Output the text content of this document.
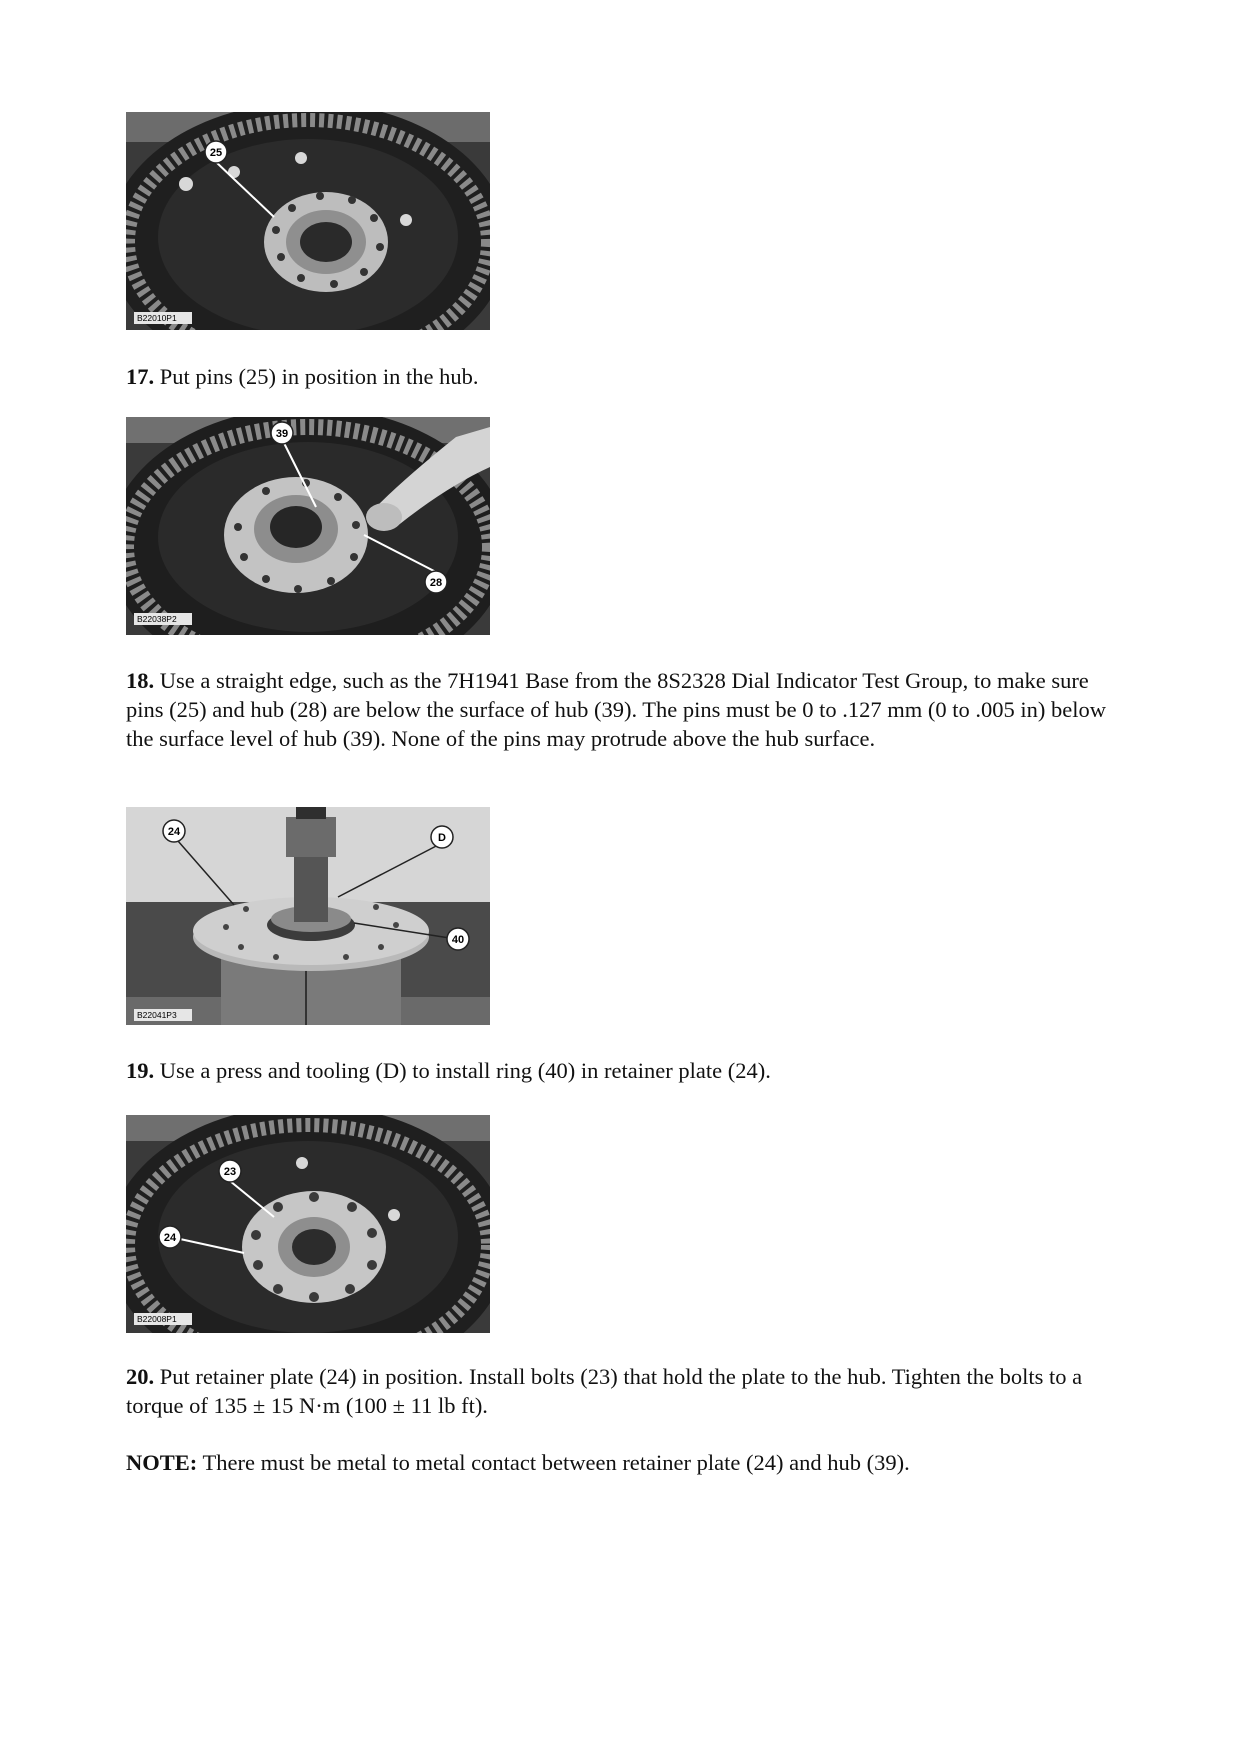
25
B22010P1

17. Put pins (25) in position in the hub.

39
28
B22038P2

18. Use a straight edge, such as the 7H1941 Base from the 8S2328 Dial Indicator Test Group, to make sure pins (25) and hub (28) are below the surface of hub (39). The pins must be 0 to .127 mm (0 to .005 in) below the surface level of hub (39). None of the pins may protrude above the hub surface.

24	D
40
B22041P3

19. Use a press and tooling (D) to install ring (40) in retainer plate (24).

23
24
B22008P1

20. Put retainer plate (24) in position. Install bolts (23) that hold the plate to the hub. Tighten the bolts to a torque of 135 ± 15 N·m (100 ± 11 lb ft).

NOTE: There must be metal to metal contact between retainer plate (24) and hub (39).
